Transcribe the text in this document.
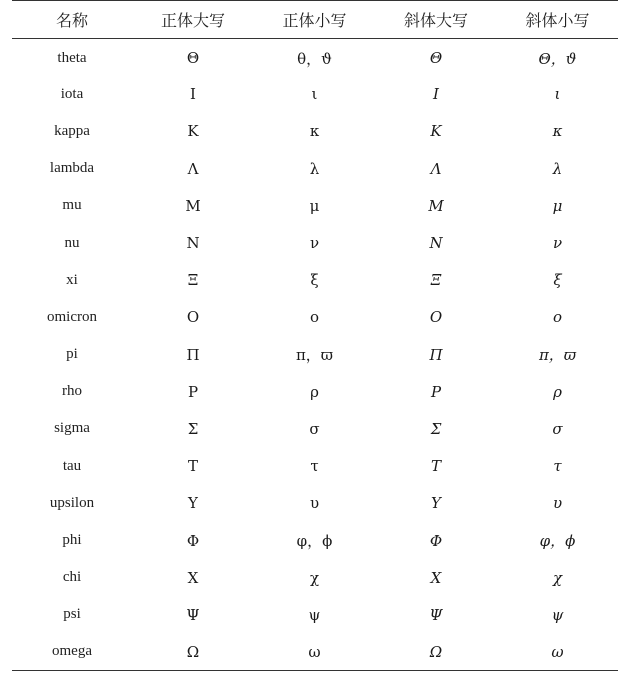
名称	正体大写	正体小写	斜体大写	斜体小写
theta	Θ	θ，ϑ	Θ	Θ，ϑ
iota	Ι	ι	Ι	ι
kappa	Κ	κ	Κ	κ
lambda	Λ	λ	Λ	λ
mu	Μ	μ	Μ	μ
nu	Ν	ν	Ν	ν
xi	Ξ	ξ	Ξ	ξ
omicron	Ο	ο	Ο	ο
pi	Π	π，ϖ	Π	π，ϖ
rho	Ρ	ρ	Ρ	ρ
sigma	Σ	σ	Σ	σ
tau	Τ	τ	Τ	τ
upsilon	Υ	υ	Υ	υ
phi	Φ	φ，ϕ	Φ	φ，ϕ
chi	Χ	χ	Χ	χ
psi	Ψ	ψ	Ψ	ψ
omega	Ω	ω	Ω	ω
